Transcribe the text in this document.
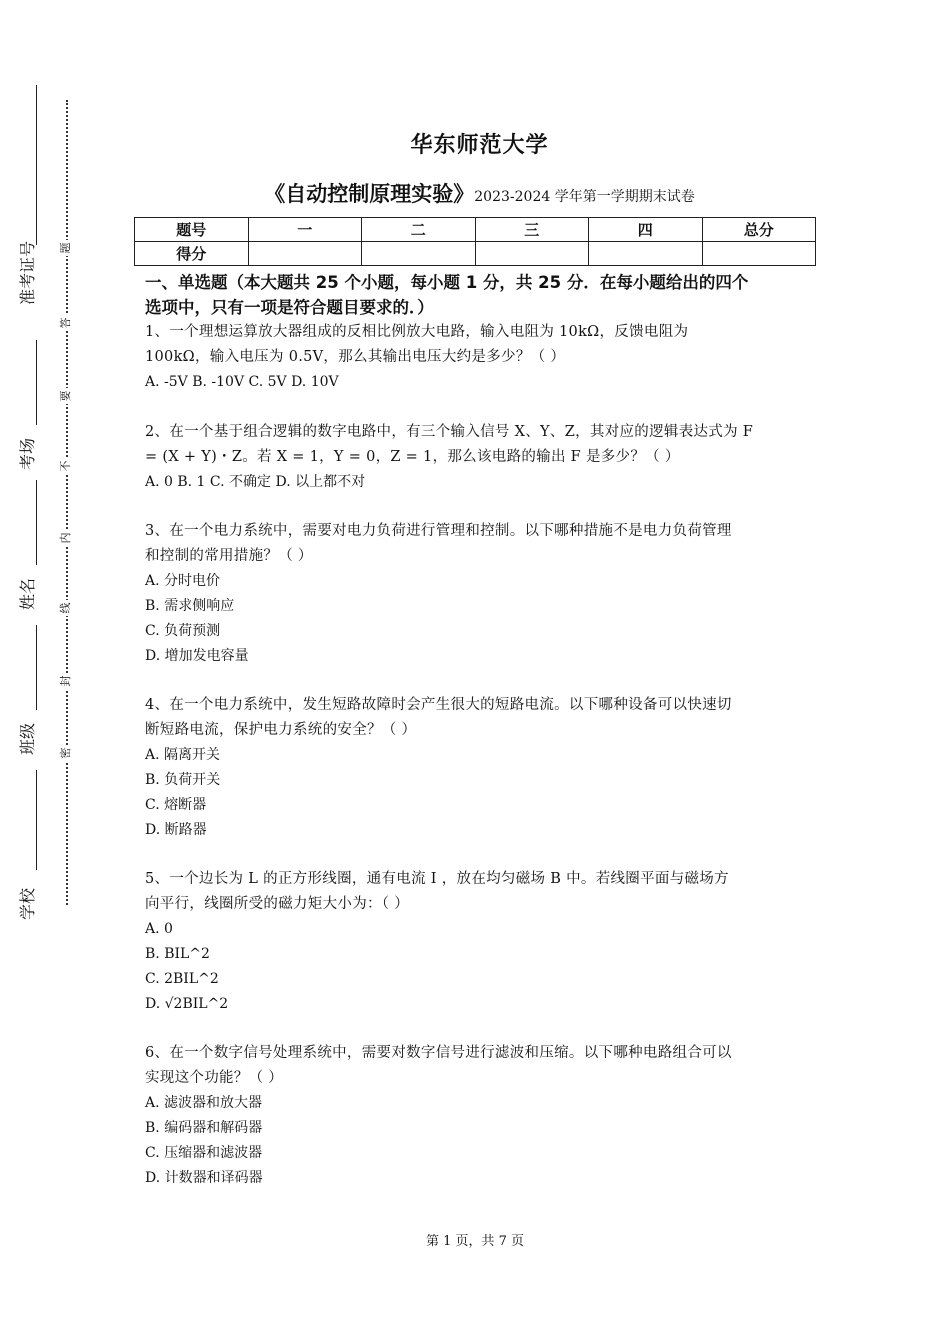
准考证号
考场
姓名
班级
学校
题
答
要
不
内
线
封
密
华东师范大学
《自动控制原理实验》2023-2024 学年第一学期期末试卷
题号	一	二	三	四	总分
得分					
一、单选题（本大题共 25 个小题，每小题 1 分，共 25 分．在每小题给出的四个
选项中，只有一项是符合题目要求的．）
1、一个理想运算放大器组成的反相比例放大电路，输入电阻为 10kΩ，反馈电阻为
100kΩ，输入电压为 0.5V，那么其输出电压大约是多少？（ ）
A. -5V B. -10V C. 5V D. 10V
2、在一个基于组合逻辑的数字电路中，有三个输入信号 X、Y、Z，其对应的逻辑表达式为 F
= (X + Y)・Z。若 X = 1，Y = 0，Z = 1，那么该电路的输出 F 是多少？（ ）
A. 0 B. 1 C. 不确定 D. 以上都不对
3、在一个电力系统中，需要对电力负荷进行管理和控制。以下哪种措施不是电力负荷管理
和控制的常用措施？（ ）
A. 分时电价
B. 需求侧响应
C. 负荷预测
D. 增加发电容量
4、在一个电力系统中，发生短路故障时会产生很大的短路电流。以下哪种设备可以快速切
断短路电流，保护电力系统的安全？（ ）
A. 隔离开关
B. 负荷开关
C. 熔断器
D. 断路器
5、一个边长为 L 的正方形线圈，通有电流 I ，放在均匀磁场 B 中。若线圈平面与磁场方
向平行，线圈所受的磁力矩大小为：（ ）
A. 0
B. BIL^2
C. 2BIL^2
D. √2BIL^2
6、在一个数字信号处理系统中，需要对数字信号进行滤波和压缩。以下哪种电路组合可以
实现这个功能？（ ）
A. 滤波器和放大器
B. 编码器和解码器
C. 压缩器和滤波器
D. 计数器和译码器
第 1 页，共 7 页
